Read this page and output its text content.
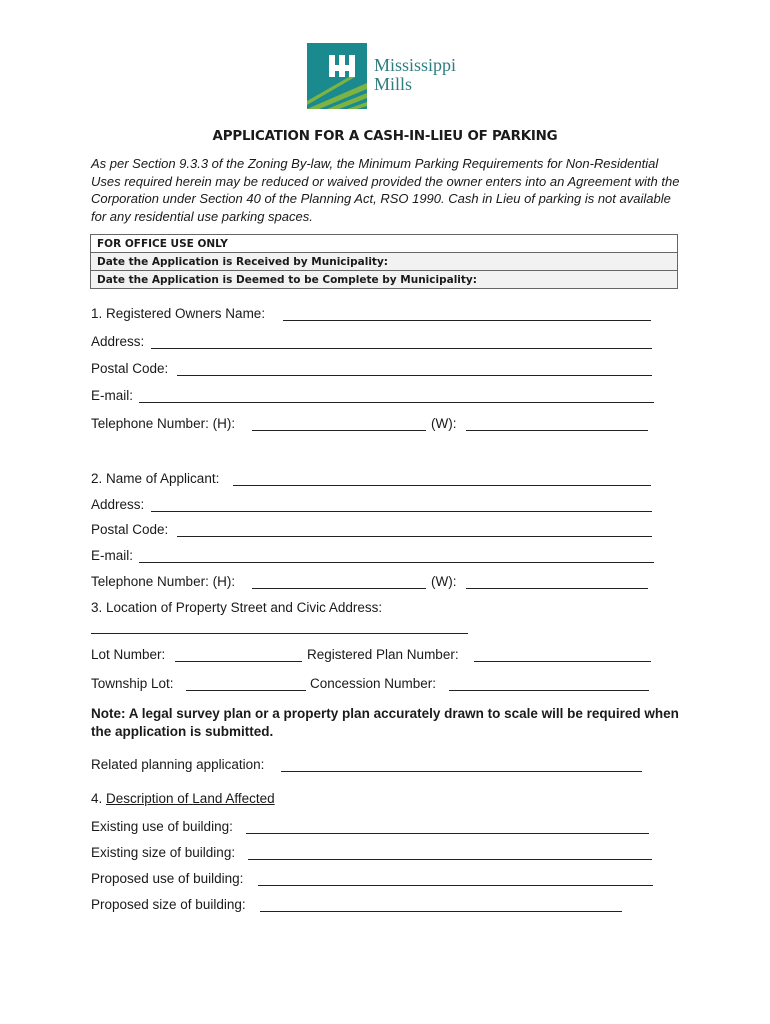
Mississippi
Mills
APPLICATION FOR A CASH-IN-LIEU OF PARKING
As per Section 9.3.3 of the Zoning By-law, the Minimum Parking Requirements for Non-Residential Uses required herein may be reduced or waived provided the owner enters into an Agreement with the Corporation under Section 40 of the Planning Act, RSO 1990. Cash in Lieu of parking is not available for any residential use parking spaces.
FOR OFFICE USE ONLY
Date the Application is Received by Municipality:
Date the Application is Deemed to be Complete by Municipality:
1. Registered Owners Name:
Address:
Postal Code:
E-mail:
Telephone Number: (H):	(W):
2. Name of Applicant:
Address:
Postal Code:
E-mail:
Telephone Number: (H):	(W):
3. Location of Property Street and Civic Address:
Lot Number:	Registered Plan Number:
Township Lot:	Concession Number:
Note: A legal survey plan or a property plan accurately drawn to scale will be required when the application is submitted.
Related planning application:
4. Description of Land Affected
Existing use of building:
Existing size of building:
Proposed use of building:
Proposed size of building:
